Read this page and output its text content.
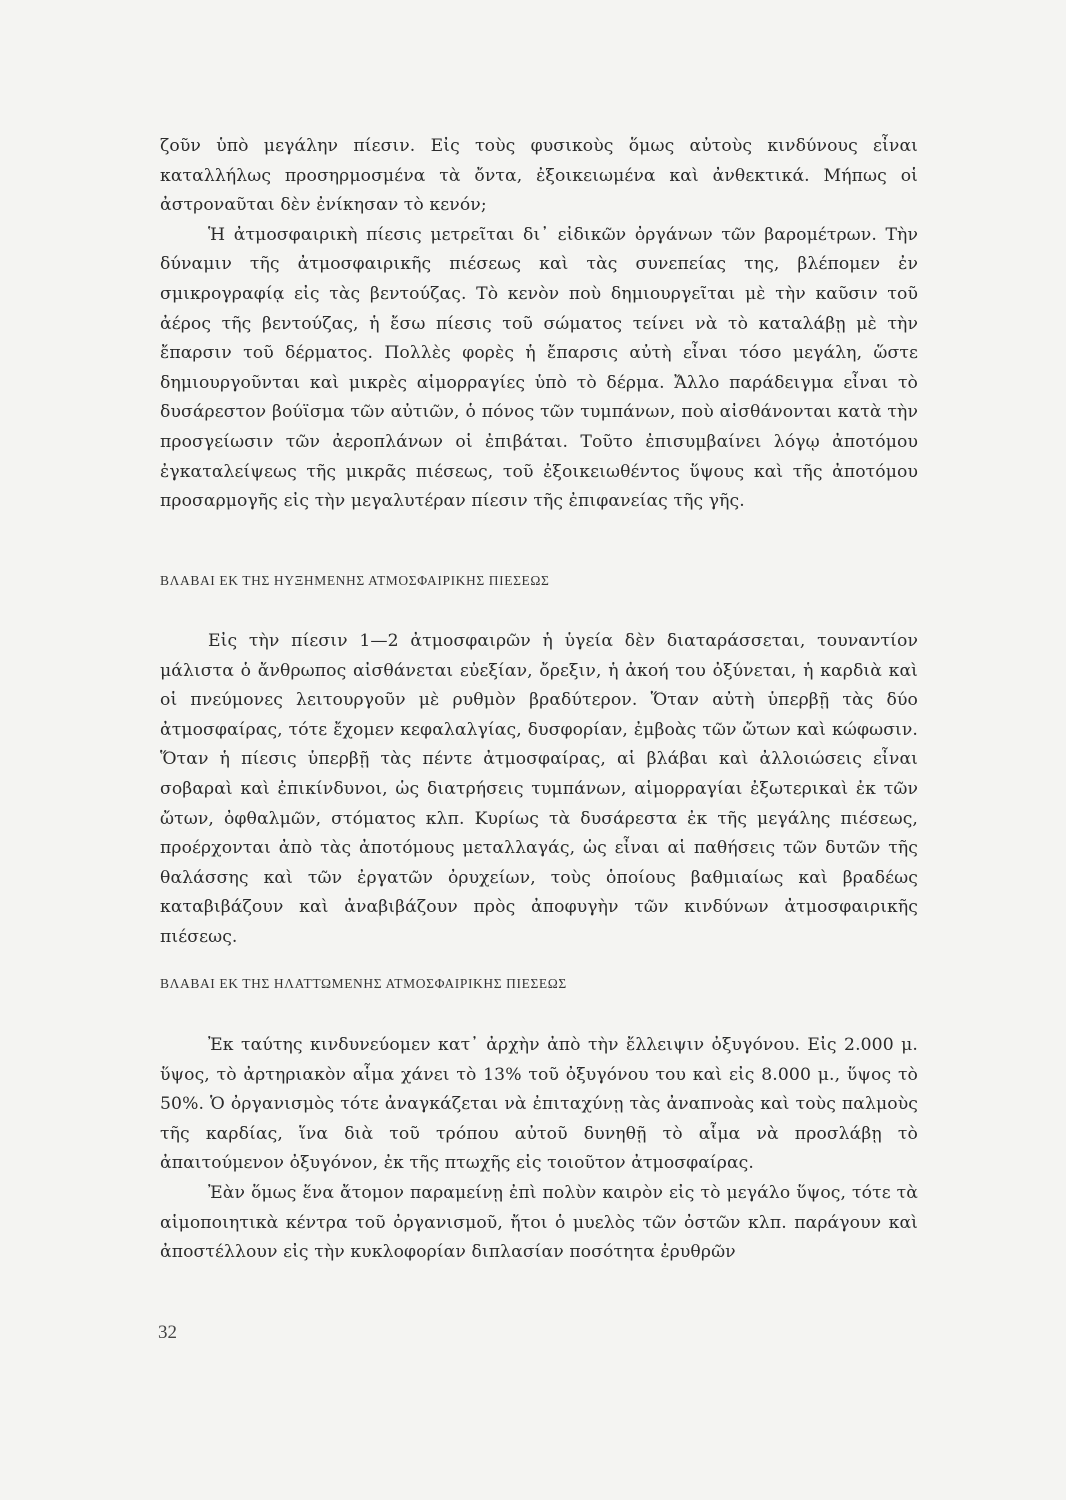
ζοῦν ὑπὸ μεγάλην πίεσιν. Εἰς τοὺς φυσικοὺς ὅμως αὐτοὺς κινδύνους εἶναι καταλλήλως προσηρμοσμένα τὰ ὄντα, ἐξοικειωμένα καὶ ἀνθεκτικά. Μήπως οἱ ἀστροναῦται δὲν ἐνίκησαν τὸ κενόν;

Ἡ ἀτμοσφαιρικὴ πίεσις μετρεῖται δι᾽ εἰδικῶν ὀργάνων τῶν βαρομέτρων. Τὴν δύναμιν τῆς ἀτμοσφαιρικῆς πιέσεως καὶ τὰς συνεπείας της, βλέπομεν ἐν σμικρογραφίᾳ εἰς τὰς βεντούζας. Τὸ κενὸν ποὺ δημιουργεῖται μὲ τὴν καῦσιν τοῦ ἀέρος τῆς βεντούζας, ἡ ἔσω πίεσις τοῦ σώματος τείνει νὰ τὸ καταλάβῃ μὲ τὴν ἔπαρσιν τοῦ δέρματος. Πολλὲς φορὲς ἡ ἔπαρσις αὐτὴ εἶναι τόσο μεγάλη, ὥστε δημιουργοῦνται καὶ μικρὲς αἱμορραγίες ὑπὸ τὸ δέρμα. Ἄλλο παράδειγμα εἶναι τὸ δυσάρεστον βούϊσμα τῶν αὐτιῶν, ὁ πόνος τῶν τυμπάνων, ποὺ αἰσθάνονται κατὰ τὴν προσγείωσιν τῶν ἀεροπλάνων οἱ ἐπιβάται. Τοῦτο ἐπισυμβαίνει λόγῳ ἀποτόμου ἐγκαταλείψεως τῆς μικρᾶς πιέσεως, τοῦ ἐξοικειωθέντος ὕψους καὶ τῆς ἀποτόμου προσαρμογῆς εἰς τὴν μεγαλυτέραν πίεσιν τῆς ἐπιφανείας τῆς γῆς.

ΒΛΑΒΑΙ ΕΚ ΤΗΣ ΗΥΞΗΜΕΝΗΣ ΑΤΜΟΣΦΑΙΡΙΚΗΣ ΠΙΕΣΕΩΣ

Εἰς τὴν πίεσιν 1—2 ἀτμοσφαιρῶν ἡ ὑγεία δὲν διαταράσσεται, τουναντίον μάλιστα ὁ ἄνθρωπος αἰσθάνεται εὐεξίαν, ὄρεξιν, ἡ ἀκοή του ὀξύνεται, ἡ καρδιὰ καὶ οἱ πνεύμονες λειτουργοῦν μὲ ρυθμὸν βραδύτερον. Ὅταν αὐτὴ ὑπερβῇ τὰς δύο ἀτμοσφαίρας, τότε ἔχομεν κεφαλαλγίας, δυσφορίαν, ἐμβοὰς τῶν ὤτων καὶ κώφωσιν. Ὅταν ἡ πίεσις ὑπερβῇ τὰς πέντε ἀτμοσφαίρας, αἱ βλάβαι καὶ ἀλλοιώσεις εἶναι σοβαραὶ καὶ ἐπικίνδυνοι, ὡς διατρήσεις τυμπάνων, αἱμορραγίαι ἐξωτερικαὶ ἐκ τῶν ὤτων, ὀφθαλμῶν, στόματος κλπ. Κυρίως τὰ δυσάρεστα ἐκ τῆς μεγάλης πιέσεως, προέρχονται ἀπὸ τὰς ἀποτόμους μεταλλαγάς, ὡς εἶναι αἱ παθήσεις τῶν δυτῶν τῆς θαλάσσης καὶ τῶν ἐργατῶν ὀρυχείων, τοὺς ὁποίους βαθμιαίως καὶ βραδέως καταβιβάζουν καὶ ἀναβιβάζουν πρὸς ἀποφυγὴν τῶν κινδύνων ἀτμοσφαιρικῆς πιέσεως.

ΒΛΑΒΑΙ ΕΚ ΤΗΣ ΗΛΑΤΤΩΜΕΝΗΣ ΑΤΜΟΣΦΑΙΡΙΚΗΣ ΠΙΕΣΕΩΣ

Ἐκ ταύτης κινδυνεύομεν κατ᾽ ἀρχὴν ἀπὸ τὴν ἔλλειψιν ὀξυγόνου. Εἰς 2.000 μ. ὕψος, τὸ ἀρτηριακὸν αἷμα χάνει τὸ 13% τοῦ ὀξυγόνου του καὶ εἰς 8.000 μ., ὕψος τὸ 50%. Ὁ ὀργανισμὸς τότε ἀναγκάζεται νὰ ἐπιταχύνῃ τὰς ἀναπνοὰς καὶ τοὺς παλμοὺς τῆς καρδίας, ἵνα διὰ τοῦ τρόπου αὐτοῦ δυνηθῇ τὸ αἷμα νὰ προσλάβῃ τὸ ἀπαιτούμενον ὀξυγόνον, ἐκ τῆς πτωχῆς εἰς τοιοῦτον ἀτμοσφαίρας.

Ἐὰν ὅμως ἕνα ἄτομον παραμείνῃ ἐπὶ πολὺν καιρὸν εἰς τὸ μεγάλο ὕψος, τότε τὰ αἱμοποιητικὰ κέντρα τοῦ ὀργανισμοῦ, ἤτοι ὁ μυελὸς τῶν ὀστῶν κλπ. παράγουν καὶ ἀποστέλλουν εἰς τὴν κυκλοφορίαν διπλασίαν ποσότητα ἐρυθρῶν

32
